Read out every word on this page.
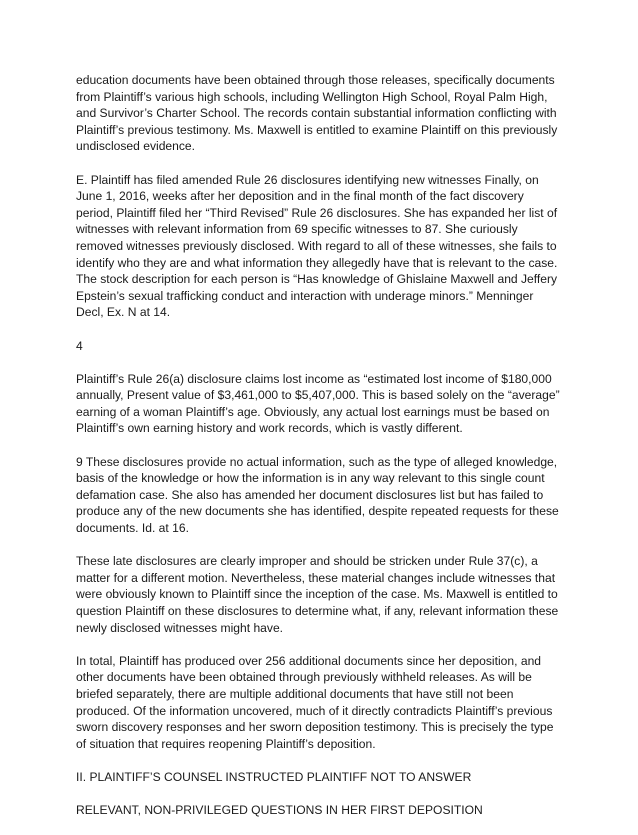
education documents have been obtained through those releases, specifically documents from Plaintiff’s various high schools, including Wellington High School, Royal Palm High, and Survivor’s Charter School. The records contain substantial information conflicting with Plaintiff’s previous testimony. Ms. Maxwell is entitled to examine Plaintiff on this previously undisclosed evidence.

E. Plaintiff has filed amended Rule 26 disclosures identifying new witnesses Finally, on June 1, 2016, weeks after her deposition and in the final month of the fact discovery period, Plaintiff filed her “Third Revised” Rule 26 disclosures. She has expanded her list of witnesses with relevant information from 69 specific witnesses to 87. She curiously removed witnesses previously disclosed. With regard to all of these witnesses, she fails to identify who they are and what information they allegedly have that is relevant to the case. The stock description for each person is “Has knowledge of Ghislaine Maxwell and Jeffery Epstein’s sexual trafficking conduct and interaction with underage minors.” Menninger Decl, Ex. N at 14.

4

Plaintiff’s Rule 26(a) disclosure claims lost income as “estimated lost income of $180,000 annually, Present value of $3,461,000 to $5,407,000. This is based solely on the “average” earning of a woman Plaintiff’s age. Obviously, any actual lost earnings must be based on Plaintiff’s own earning history and work records, which is vastly different.

9 These disclosures provide no actual information, such as the type of alleged knowledge, basis of the knowledge or how the information is in any way relevant to this single count defamation case. She also has amended her document disclosures list but has failed to produce any of the new documents she has identified, despite repeated requests for these documents. Id. at 16.

These late disclosures are clearly improper and should be stricken under Rule 37(c), a matter for a different motion. Nevertheless, these material changes include witnesses that were obviously known to Plaintiff since the inception of the case. Ms. Maxwell is entitled to question Plaintiff on these disclosures to determine what, if any, relevant information these newly disclosed witnesses might have.

In total, Plaintiff has produced over 256 additional documents since her deposition, and other documents have been obtained through previously withheld releases. As will be briefed separately, there are multiple additional documents that have still not been produced. Of the information uncovered, much of it directly contradicts Plaintiff’s previous sworn discovery responses and her sworn deposition testimony. This is precisely the type of situation that requires reopening Plaintiff’s deposition.

II. PLAINTIFF’S COUNSEL INSTRUCTED PLAINTIFF NOT TO ANSWER

RELEVANT, NON-PRIVILEGED QUESTIONS IN HER FIRST DEPOSITION
